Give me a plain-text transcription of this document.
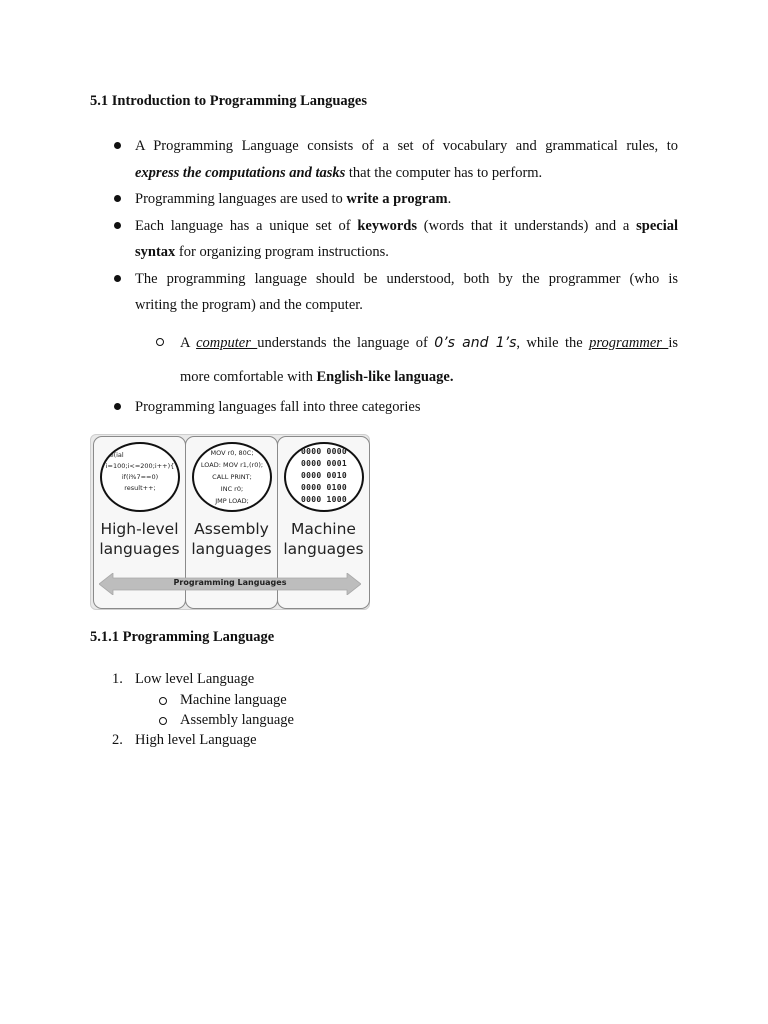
5.1 Introduction to Programming Languages
A Programming Language consists of a set of vocabulary and grammatical rules, to
express the computations and tasks that the computer has to perform.
Programming languages are used to write a program.
Each language has a unique set of keywords (words that it understands) and a special
syntax for organizing program instructions.
The programming language should be understood, both by the programmer (who is
writing the program) and the computer.
A computer understands the language of 0’s and 1’s, while the programmer is
more comfortable with English-like language.
Programming languages fall into three categories
ce(ial
i=100;i<=200;i++){
if(i%7==0)
result++;
High-level
languages
MOV r0, 80C;
LOAD: MOV r1,(r0);
CALL PRINT;
INC r0;
JMP LOAD;
Assembly
languages
0000 0000
0000 0001
0000 0010
0000 0100
0000 1000
Machine
languages
Programming Languages
5.1.1 Programming Language
1. Low level Language
Machine language
Assembly language
2. High level Language
